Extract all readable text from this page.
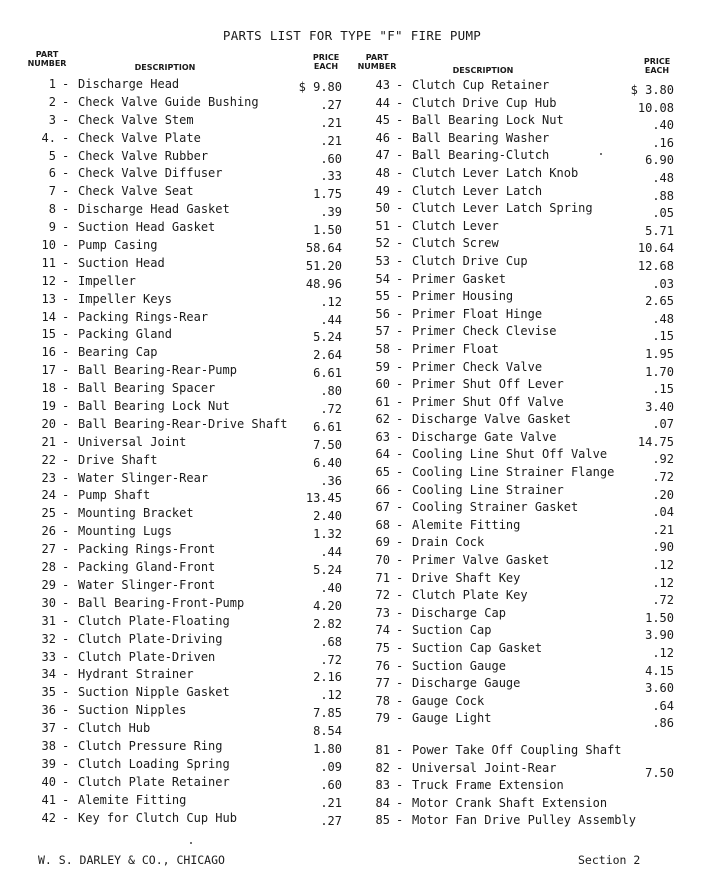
PARTS LIST FOR TYPE "F" FIRE PUMP
PART NUMBER	DESCRIPTION
PRICE EACH
PART NUMBER	DESCRIPTION
PRICE EACH
1 - Discharge Head	$ 9.80
2 - Check Valve Guide Bushing	.27
3 - Check Valve Stem	.21
4. - Check Valve Plate	.21
5 - Check Valve Rubber	.60
6 - Check Valve Diffuser	.33
7 - Check Valve Seat	1.75
8 - Discharge Head Gasket	.39
9 - Suction Head Gasket	1.50
10 - Pump Casing	58.64
11 - Suction Head	51.20
12 - Impeller	48.96
13 - Impeller Keys	.12
14 - Packing Rings-Rear	.44
15 - Packing Gland	5.24
16 - Bearing Cap	2.64
17 - Ball Bearing-Rear-Pump	6.61
18 - Ball Bearing Spacer	.80
19 - Ball Bearing Lock Nut	.72
20 - Ball Bearing-Rear-Drive Shaft 6.61
21 - Universal Joint	7.50
22 - Drive Shaft	6.40
23 - Water Slinger-Rear	.36
24 - Pump Shaft	13.45
25 - Mounting Bracket	2.40
26 - Mounting Lugs	1.32
27 - Packing Rings-Front	.44
28 - Packing Gland-Front	5.24
29 - Water Slinger-Front	.40
30 - Ball Bearing-Front-Pump	4.20
31 - Clutch Plate-Floating	2.82
32 - Clutch Plate-Driving	.68
33 - Clutch Plate-Driven	.72
34 - Hydrant Strainer	2.16
35 - Suction Nipple Gasket	.12
36 - Suction Nipples	7.85
37 - Clutch Hub	8.54
38 - Clutch Pressure Ring	1.80
39 - Clutch Loading Spring	.09
40 - Clutch Plate Retainer	.60
41 - Alemite Fitting	.21
42 - Key for Clutch Cup Hub	.27
43 - Clutch Cup Retainer	$ 3.80
44 - Clutch Drive Cup Hub	10.08
45 - Ball Bearing Lock Nut	.40
46 - Ball Bearing Washer	.16
47 - Ball Bearing-Clutch	6.90
48 - Clutch Lever Latch Knob	.48
49 - Clutch Lever Latch	.88
50 - Clutch Lever Latch Spring	.05
51 - Clutch Lever	5.71
52 - Clutch Screw	10.64
53 - Clutch Drive Cup	12.68
54 - Primer Gasket	.03
55 - Primer Housing	2.65
56 - Primer Float Hinge	.48
57 - Primer Check Clevise	.15
58 - Primer Float	1.95
59 - Primer Check Valve	1.70
60 - Primer Shut Off Lever	.15
61 - Primer Shut Off Valve	3.40
62 - Discharge Valve Gasket	.07
63 - Discharge Gate Valve	14.75
64 - Cooling Line Shut Off Valve	.92
65 - Cooling Line Strainer Flange	.72
66 - Cooling Line Strainer	.20
67 - Cooling Strainer Gasket	.04
68 - Alemite Fitting	.21
69 - Drain Cock	.90
70 - Primer Valve Gasket	.12
71 - Drive Shaft Key	.12
72 - Clutch Plate Key	.72
73 - Discharge Cap	1.50
74 - Suction Cap	3.90
75 - Suction Cap Gasket	.12
76 - Suction Gauge	4.15
77 - Discharge Gauge	3.60
78 - Gauge Cock	.64
79 - Gauge Light	.86
81 - Power Take Off Coupling Shaft
82 - Universal Joint-Rear	7.50
83 - Truck Frame Extension
84 - Motor Crank Shaft Extension
85 - Motor Fan Drive Pulley Assembly
W. S. DARLEY & CO., CHICAGO	Section 2
